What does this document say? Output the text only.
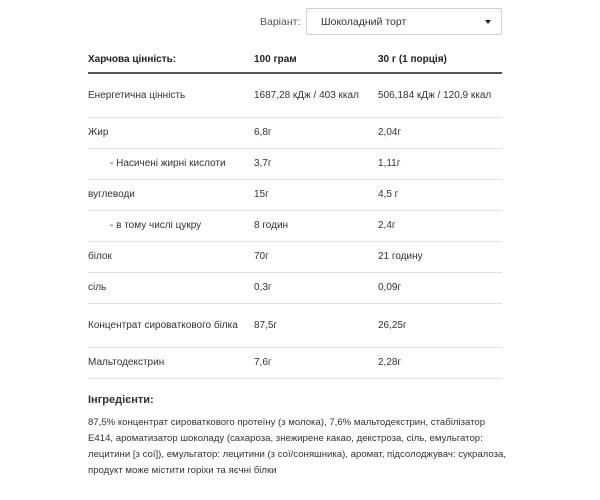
Варіант: Шоколадний торт
Харчова цінність:	100 грам	30 г (1 порція)

Енергетична цінність	1687,28 кДж / 403 ккал	506,184 кДж / 120,9 ккал

Жир	6,8г	2,04г

- Насичені жирні кислоти	3,7г	1,11г

вуглеводи	15г	4,5 г

- в тому числі цукру	8 годин	2,4г

білок	70г	21 годину

сіль	0,3г	0,09г

Концентрат сироваткового білка	87,5г	26,25г

Мальтодекстрин	7,6г	2,28г

Інгредієнти:

87,5% концентрат сироваткового протеїну (з молока), 7,6% мальтодекстрин, стабілізатор Е414, ароматизатор шоколаду (сахароза, знежирене какао, декстроза, сіль, емульгатор: лецитини [з сої]), емульгатор: лецитини (з сої/соняшника), аромат, підсолоджувач: сукралоза, продукт може містити горіхи та яєчні білки
